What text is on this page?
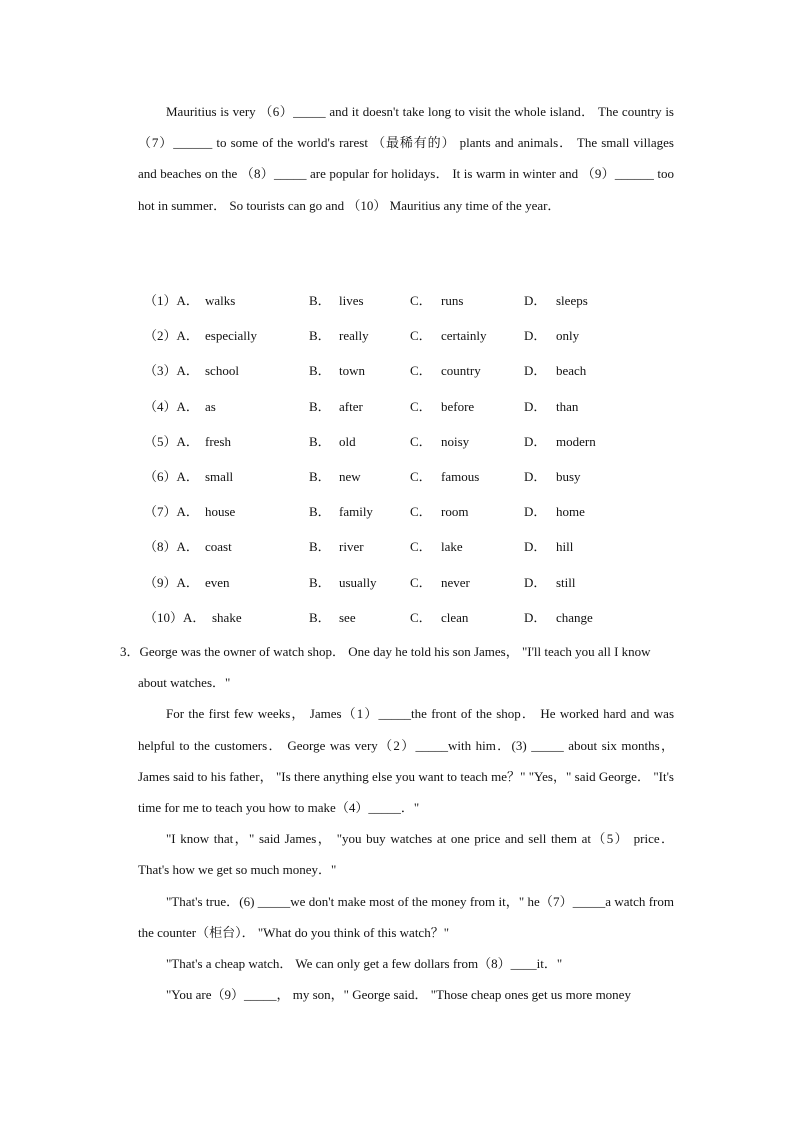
Mauritius is very （6）_____ and it doesn't take long to visit the whole island． The country is （7）______ to some of the world's rarest （最稀有的） plants and animals． The small villages and beaches on the （8）_____ are popular for holidays． It is warm in winter and （9）______ too hot in summer． So tourists can go and （10） Mauritius any time of the year．

（1）A． walks	B． lives	C． runs	D． sleeps
（2）A． especially	B． really	C． certainly	D． only
（3）A． school	B． town	C． country	D． beach
（4）A． as	B． after	C． before	D． than
（5）A． fresh	B． old	C． noisy	D． modern
（6）A． small	B． new	C． famous	D． busy
（7）A． house	B． family	C． room	D． home
（8）A． coast	B． river	C． lake	D． hill
（9）A． even	B． usually	C． never	D． still
（10）A． shake	B． see	C． clean	D． change

3．George was the owner of watch shop． One day he told his son James， "I'll teach you all I know about watches．"

For the first few weeks， James（1）_____the front of the shop． He worked hard and was helpful to the customers． George was very（2）_____with him．(3) _____ about six months， James said to his father， "Is there anything else you want to teach me？" "Yes，" said George． "It's time for me to teach you how to make（4）_____．"

"I know that，" said James， "you buy watches at one price and sell them at（5） price． That's how we get so much money．"

"That's true．(6) _____we don't make most of the money from it，" he（7）_____a watch from the counter（柜台）． "What do you think of this watch？"

"That's a cheap watch． We can only get a few dollars from（8）____it．"

"You are（9）_____， my son，" George said． "Those cheap ones get us more money
